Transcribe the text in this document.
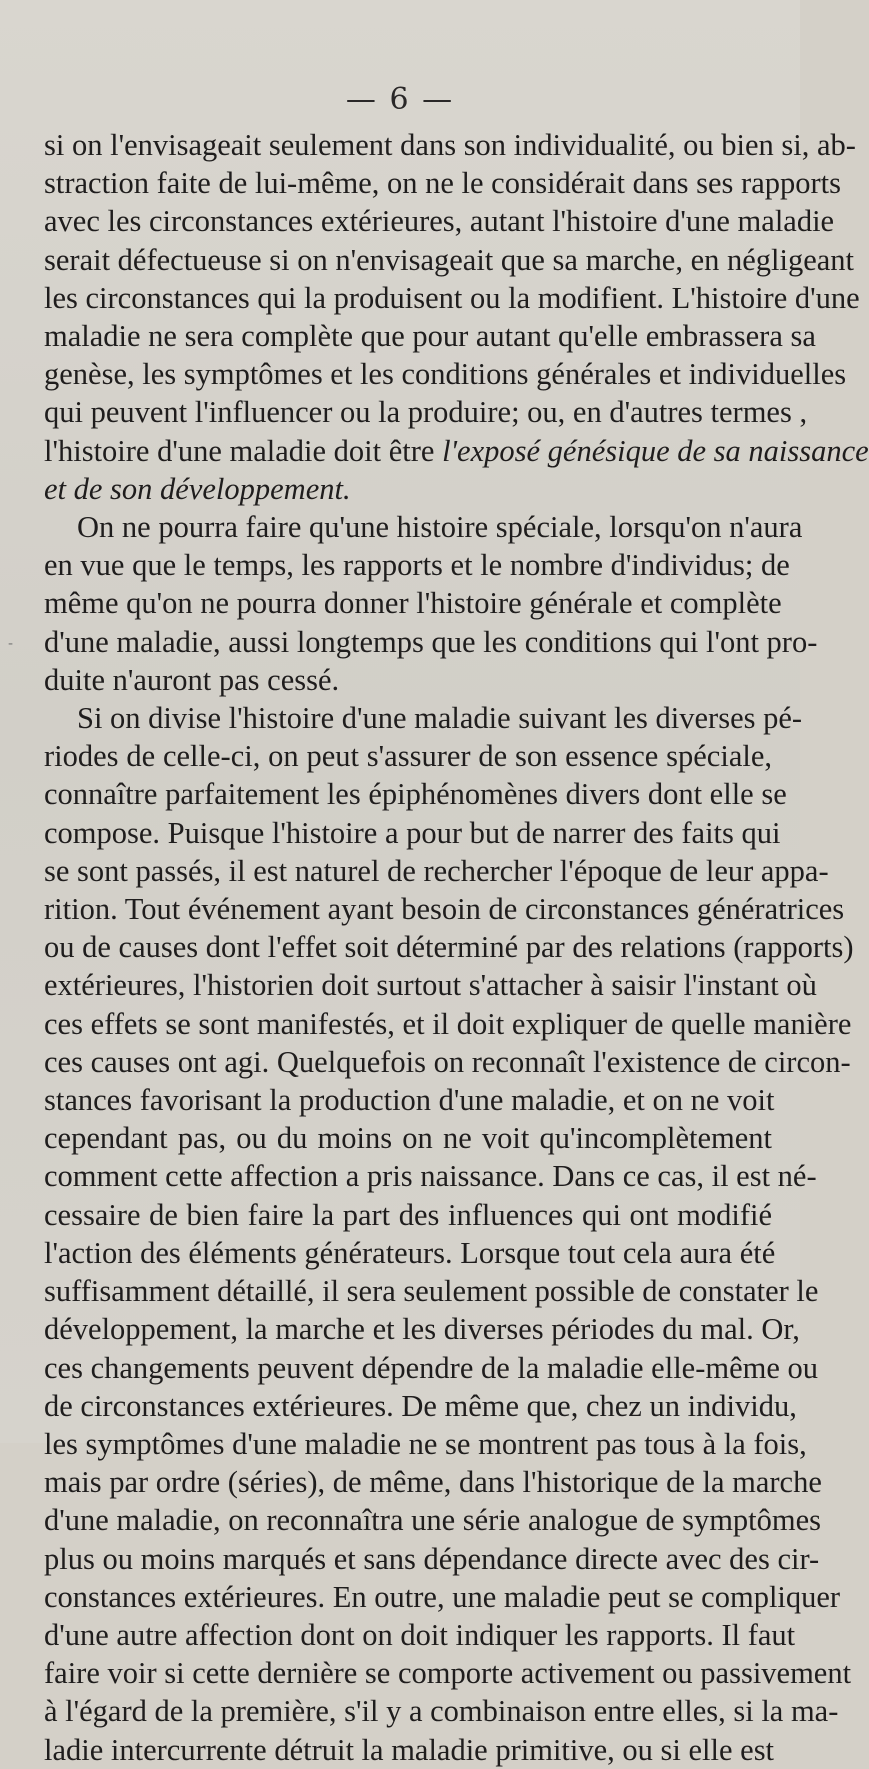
— 6 —

si on l'envisageait seulement dans son individualité, ou bien si, ab-
straction faite de lui-même, on ne le considérait dans ses rapports
avec les circonstances extérieures, autant l'histoire d'une maladie
serait défectueuse si on n'envisageait que sa marche, en négligeant
les circonstances qui la produisent ou la modifient. L'histoire d'une
maladie ne sera complète que pour autant qu'elle embrassera sa
genèse, les symptômes et les conditions générales et individuelles
qui peuvent l'influencer ou la produire; ou, en d'autres termes ,
l'histoire d'une maladie doit être l'exposé génésique de sa naissance
et de son développement.

On ne pourra faire qu'une histoire spéciale, lorsqu'on n'aura
en vue que le temps, les rapports et le nombre d'individus; de
même qu'on ne pourra donner l'histoire générale et complète
d'une maladie, aussi longtemps que les conditions qui l'ont pro-
duite n'auront pas cessé.

Si on divise l'histoire d'une maladie suivant les diverses pé-
riodes de celle-ci, on peut s'assurer de son essence spéciale,
connaître parfaitement les épiphénomènes divers dont elle se
compose. Puisque l'histoire a pour but de narrer des faits qui
se sont passés, il est naturel de rechercher l'époque de leur appa-
rition. Tout événement ayant besoin de circonstances génératrices
ou de causes dont l'effet soit déterminé par des relations (rapports)
extérieures, l'historien doit surtout s'attacher à saisir l'instant où
ces effets se sont manifestés, et il doit expliquer de quelle manière
ces causes ont agi. Quelquefois on reconnaît l'existence de circon-
stances favorisant la production d'une maladie, et on ne voit
cependant pas, ou du moins on ne voit qu'incomplètement
comment cette affection a pris naissance. Dans ce cas, il est né-
cessaire de bien faire la part des influences qui ont modifié
l'action des éléments générateurs. Lorsque tout cela aura été
suffisamment détaillé, il sera seulement possible de constater le
développement, la marche et les diverses périodes du mal. Or,
ces changements peuvent dépendre de la maladie elle-même ou
de circonstances extérieures. De même que, chez un individu,
les symptômes d'une maladie ne se montrent pas tous à la fois,
mais par ordre (séries), de même, dans l'historique de la marche
d'une maladie, on reconnaîtra une série analogue de symptômes
plus ou moins marqués et sans dépendance directe avec des cir-
constances extérieures. En outre, une maladie peut se compliquer
d'une autre affection dont on doit indiquer les rapports. Il faut
faire voir si cette dernière se comporte activement ou passivement
à l'égard de la première, s'il y a combinaison entre elles, si la ma-
ladie intercurrente détruit la maladie primitive, ou si elle est

-
